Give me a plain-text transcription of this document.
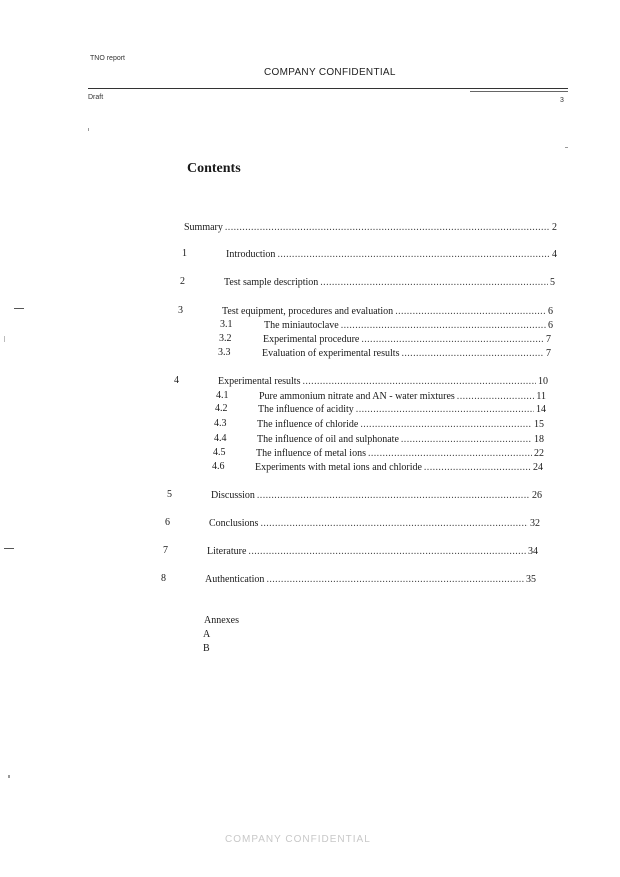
TNO report
COMPANY CONFIDENTIAL
Draft	3
Contents
Summary .....	2
1	Introduction .....	4
2	Test sample description .....	5
3	Test equipment, procedures and evaluation .....	6
3.1	The miniautoclave .....	6
3.2	Experimental procedure .....	7
3.3	Evaluation of experimental results .....	7
4	Experimental results .....	10
4.1	Pure ammonium nitrate and AN - water mixtures .....	11
4.2	The influence of acidity .....	14
4.3	The influence of chloride .....	15
4.4	The influence of oil and sulphonate .....	18
4.5	The influence of metal ions .....	22
4.6	Experiments with metal ions and chloride .....	24
5	Discussion .....	26
6	Conclusions .....	32
7	Literature .....	34
8	Authentication .....	35
Annexes
A
B
COMPANY CONFIDENTIAL
